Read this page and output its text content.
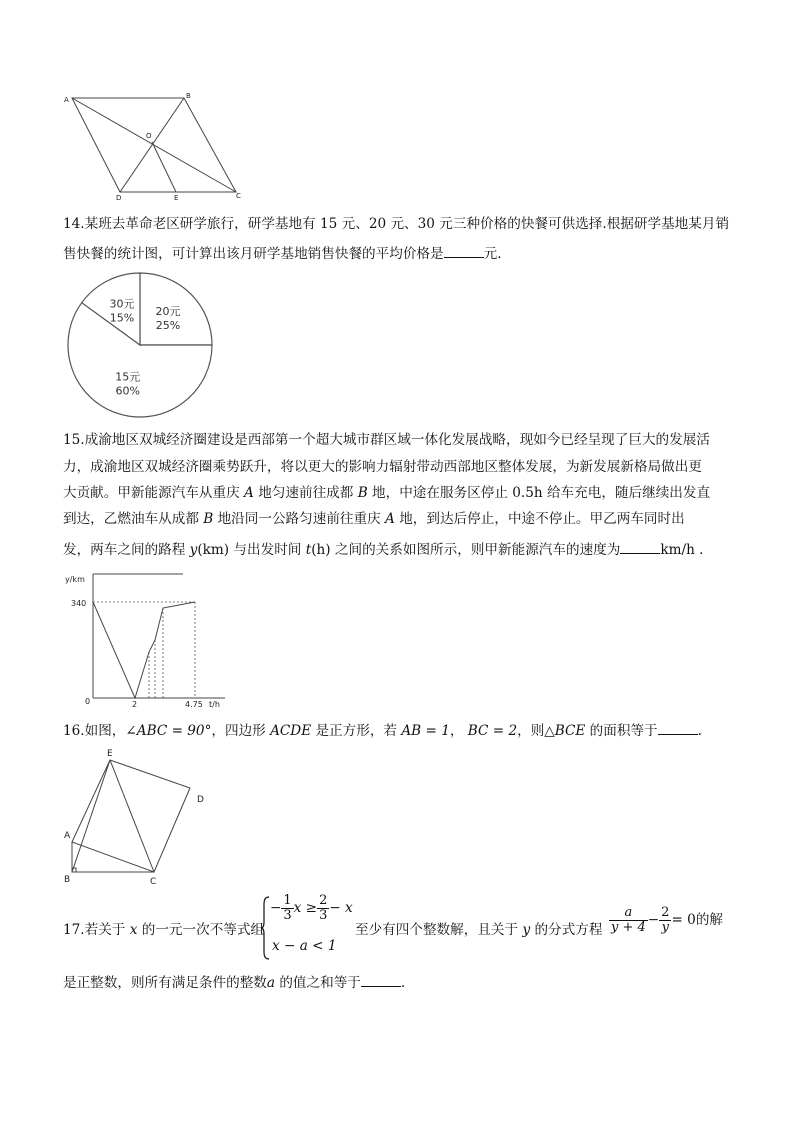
A	B
O
D	E	C
14.某班去革命老区研学旅行，研学基地有 15 元、20 元、30 元三种价格的快餐可供选择.根据研学基地某月销
售快餐的统计图，可计算出该月研学基地销售快餐的平均价格是	元.
20元
25%
15元
60%
30元
15%
15.成渝地区双城经济圈建设是西部第一个超大城市群区域一体化发展战略，现如今已经呈现了巨大的发展活
力，成渝地区双城经济圈乘势跃升，将以更大的影响力辐射带动西部地区整体发展，为新发展新格局做出更
大贡献。甲新能源汽车从重庆 A 地匀速前往成都 B 地，中途在服务区停止 0.5h 给车充电，随后继续出发直
到达，乙燃油车从成都 B 地沿同一公路匀速前往重庆 A 地，到达后停止，中途不停止。甲乙两车同时出
发，两车之间的路程 y(km) 与出发时间 t(h) 之间的关系如图所示，则甲新能源汽车的速度为	km/h .
y/km
340
0	2	4.75 t/h
16.如图，∠ABC = 90°，四边形 ACDE 是正方形，若 AB = 1， BC = 2，则△BCE 的面积等于	.
E
D
A
B	C
17.若关于 x 的一元一次不等式组
− $\frac{1}{3}$ $x \ge \frac{2}{3} - x$
x − a < 1
至少有四个整数解，且关于 y 的分式方程 $\frac{a}{y + 4} - \frac{2}{y} = 0$的解
是正整数，则所有满足条件的整数a 的值之和等于	.
